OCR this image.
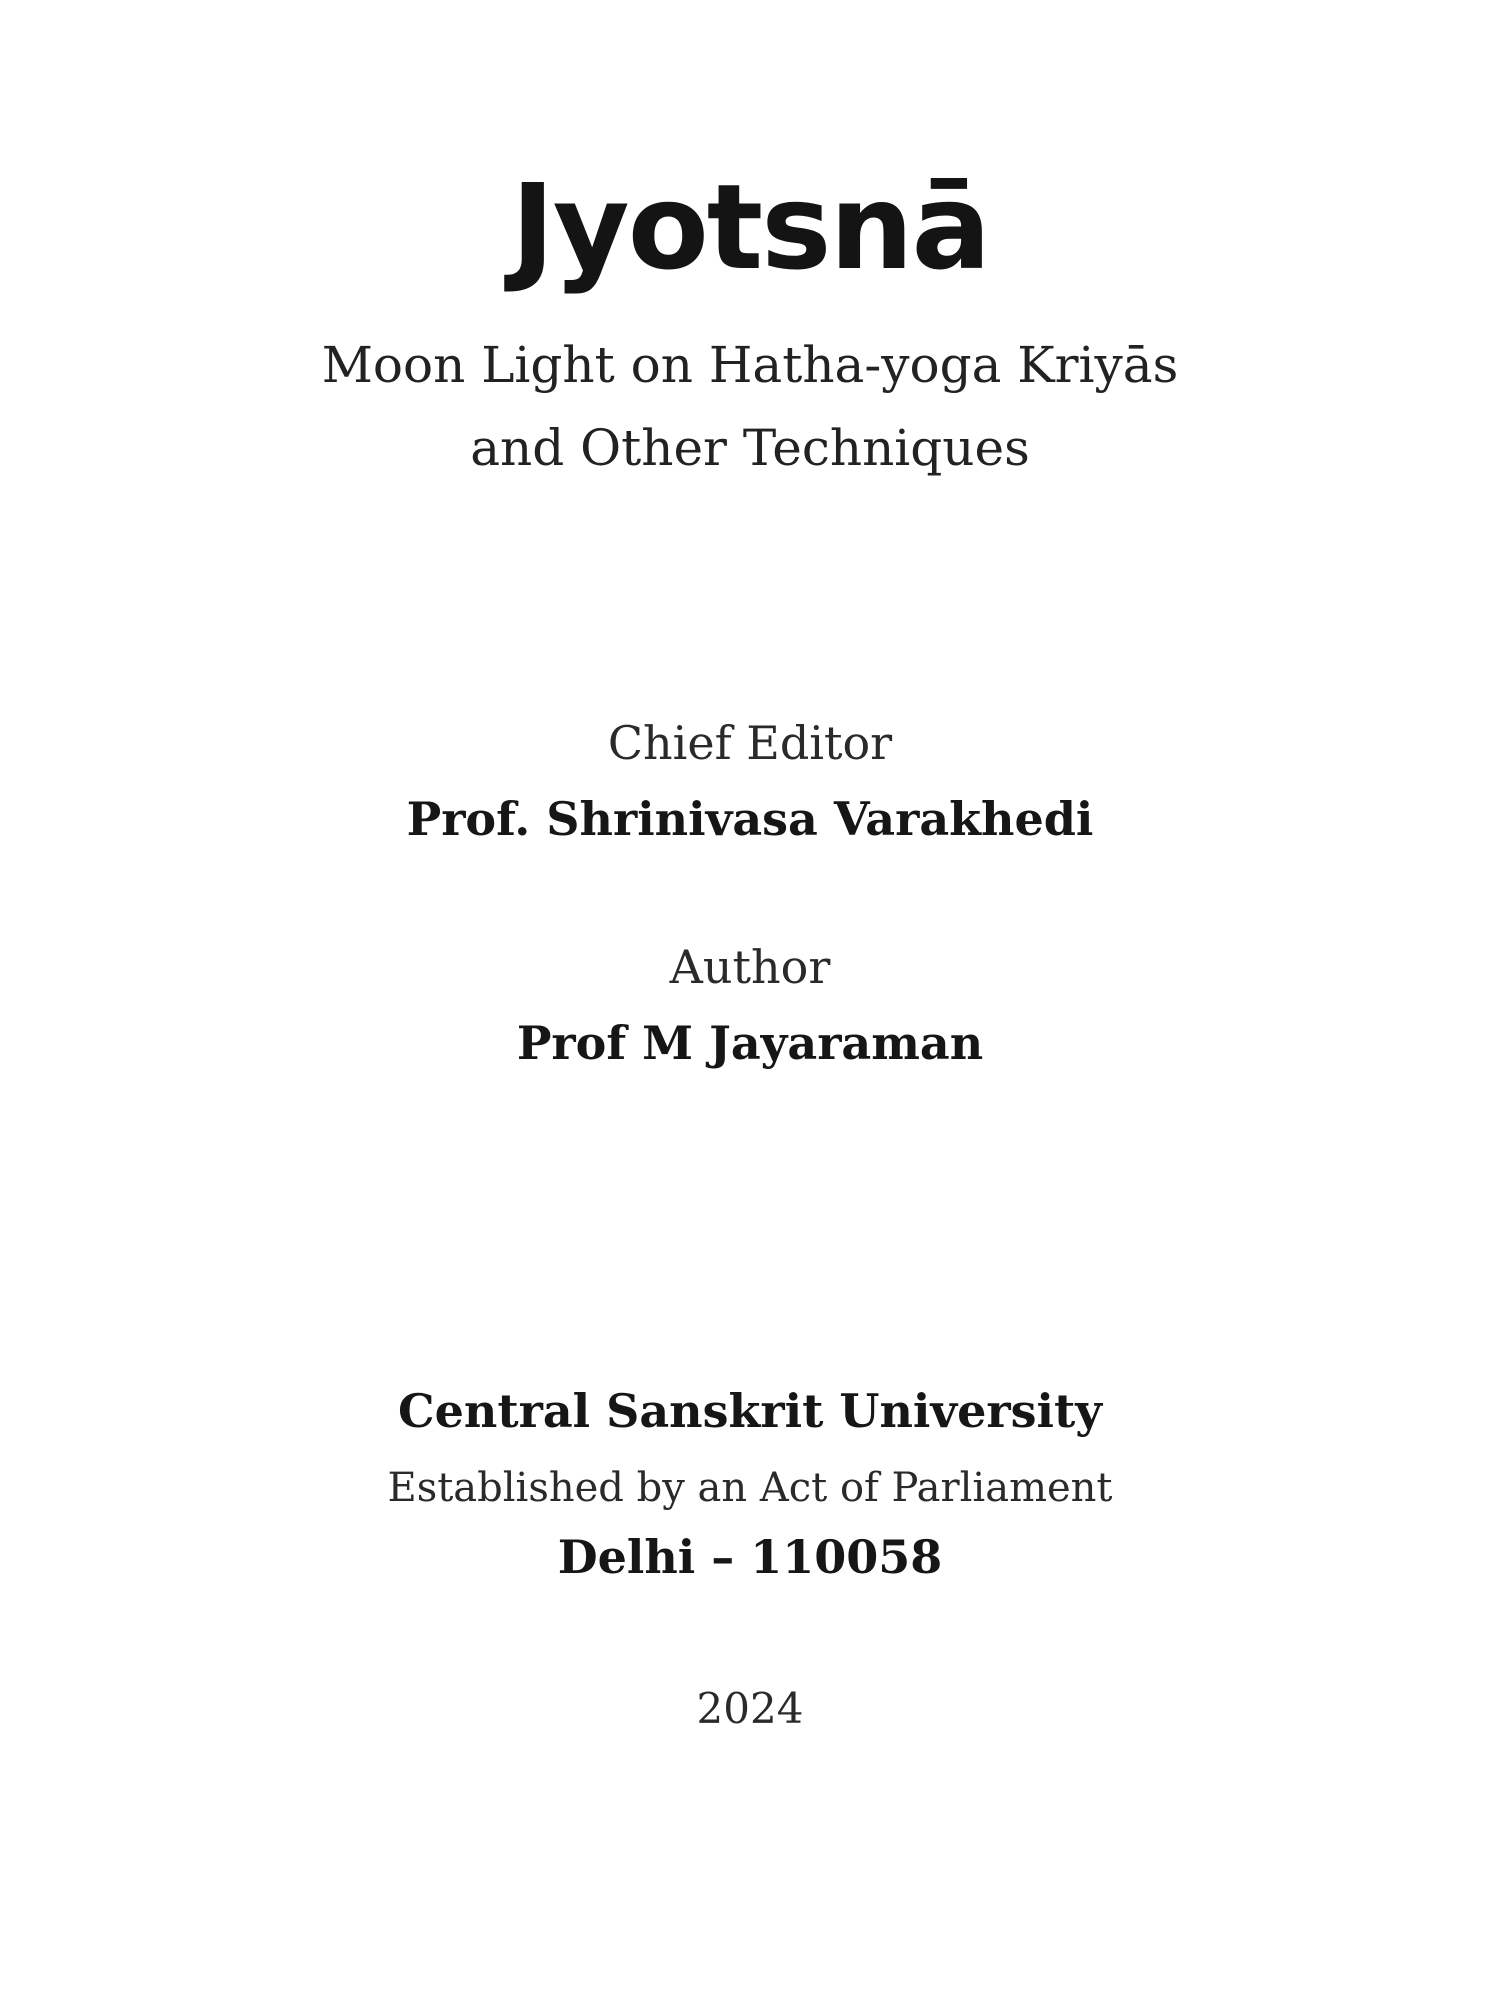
Jyotsnā
Moon Light on Hatha-yoga Kriyās
and Other Techniques
Chief Editor
Prof. Shrinivasa Varakhedi
Author
Prof M Jayaraman
Central Sanskrit University
Established by an Act of Parliament
Delhi – 110058
2024
